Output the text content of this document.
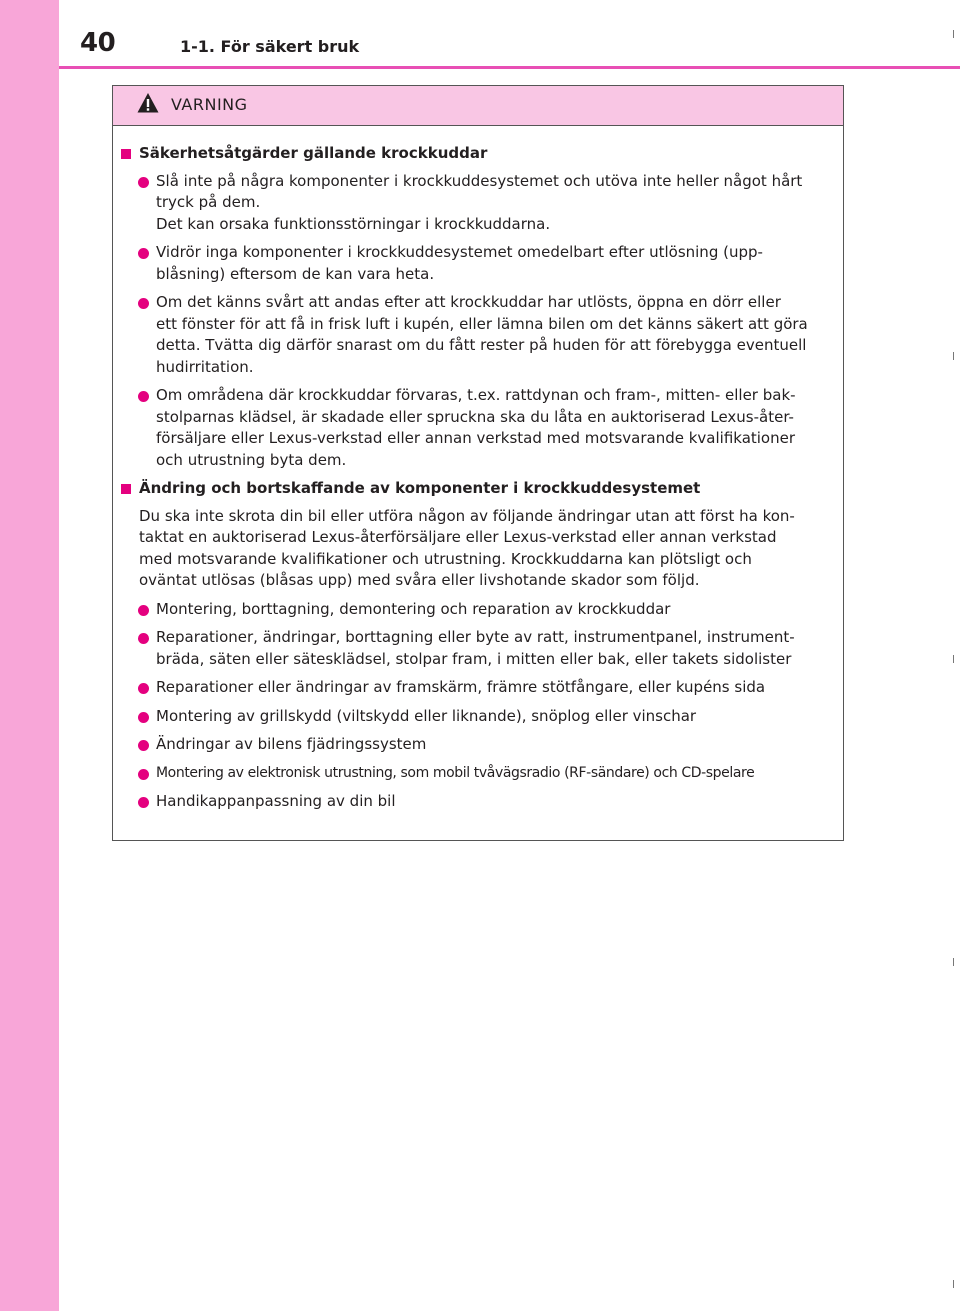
40	1-1. För säkert bruk
VARNING
Säkerhetsåtgärder gällande krockkuddar
Slå inte på några komponenter i krockkuddesystemet och utöva inte heller något hårt
tryck på dem.
Det kan orsaka funktionsstörningar i krockkuddarna.
Vidrör inga komponenter i krockkuddesystemet omedelbart efter utlösning (upp-
blåsning) eftersom de kan vara heta.
Om det känns svårt att andas efter att krockkuddar har utlösts, öppna en dörr eller
ett fönster för att få in frisk luft i kupén, eller lämna bilen om det känns säkert att göra
detta. Tvätta dig därför snarast om du fått rester på huden för att förebygga eventuell
hudirritation.
Om områdena där krockkuddar förvaras, t.ex. rattdynan och fram-, mitten- eller bak-
stolparnas klädsel, är skadade eller spruckna ska du låta en auktoriserad Lexus-åter-
försäljare eller Lexus-verkstad eller annan verkstad med motsvarande kvalifikationer
och utrustning byta dem.
Ändring och bortskaffande av komponenter i krockkuddesystemet
Du ska inte skrota din bil eller utföra någon av följande ändringar utan att först ha kon-
taktat en auktoriserad Lexus-återförsäljare eller Lexus-verkstad eller annan verkstad
med motsvarande kvalifikationer och utrustning. Krockkuddarna kan plötsligt och
oväntat utlösas (blåsas upp) med svåra eller livshotande skador som följd.
Montering, borttagning, demontering och reparation av krockkuddar
Reparationer, ändringar, borttagning eller byte av ratt, instrumentpanel, instrument-
bräda, säten eller sätesklädsel, stolpar fram, i mitten eller bak, eller takets sidolister
Reparationer eller ändringar av framskärm, främre stötfångare, eller kupéns sida
Montering av grillskydd (viltskydd eller liknande), snöplog eller vinschar
Ändringar av bilens fjädringssystem
Montering av elektronisk utrustning, som mobil tvåvägsradio (RF-sändare) och CD-spelare
Handikappanpassning av din bil
